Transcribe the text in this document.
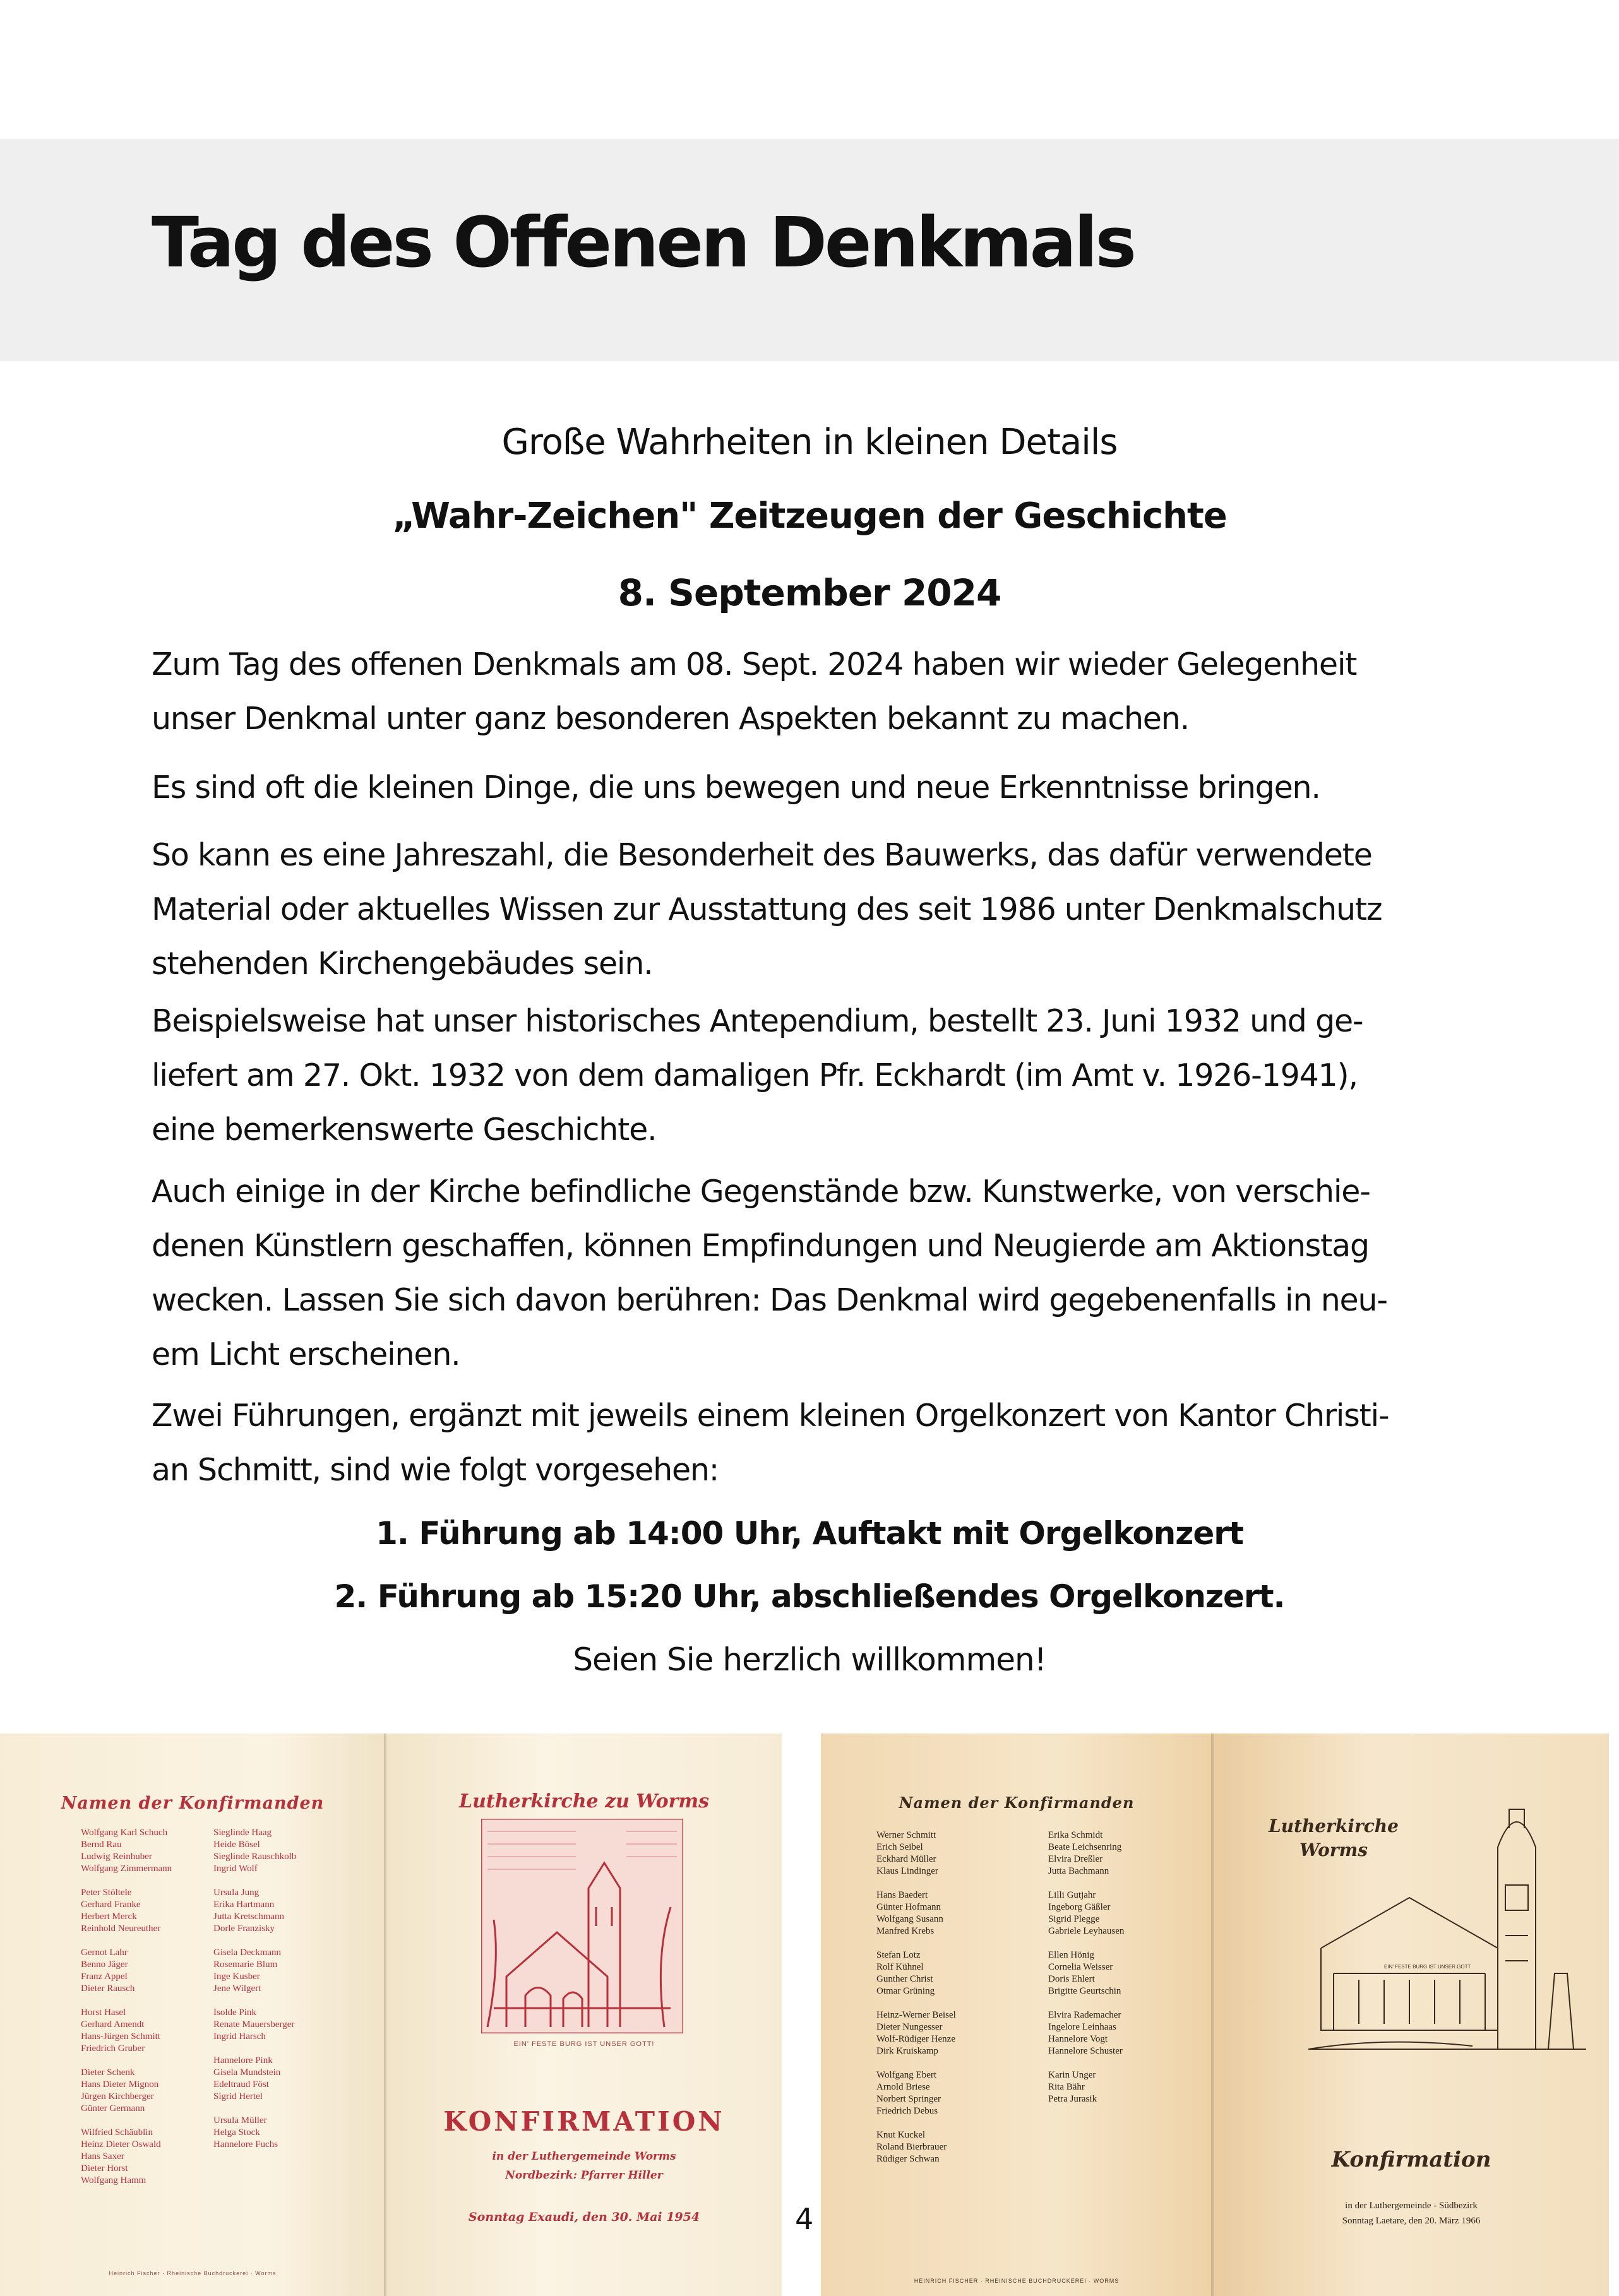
Tag des Offenen Denkmals

Große Wahrheiten in kleinen Details

„Wahr-Zeichen" Zeitzeugen der Geschichte

8. September 2024

Zum Tag des offenen Denkmals am 08. Sept. 2024 haben wir wieder Gelegenheit
unser Denkmal unter ganz besonderen Aspekten bekannt zu machen.
Es sind oft die kleinen Dinge, die uns bewegen und neue Erkenntnisse bringen.
So kann es eine Jahreszahl, die Besonderheit des Bauwerks, das dafür verwendete
Material oder aktuelles Wissen zur Ausstattung des seit 1986 unter Denkmalschutz
stehenden Kirchengebäudes sein.
Beispielsweise hat unser historisches Antependium, bestellt 23. Juni 1932 und ge-
liefert am 27. Okt. 1932 von dem damaligen Pfr. Eckhardt (im Amt v. 1926-1941),
eine bemerkenswerte Geschichte.
Auch einige in der Kirche befindliche Gegenstände bzw. Kunstwerke, von verschie-
denen Künstlern geschaffen, können Empfindungen und Neugierde am Aktionstag
wecken. Lassen Sie sich davon berühren: Das Denkmal wird gegebenenfalls in neu-
em Licht erscheinen.
Zwei Führungen, ergänzt mit jeweils einem kleinen Orgelkonzert von Kantor Christi-
an Schmitt, sind wie folgt vorgesehen:

1. Führung ab 14:00 Uhr, Auftakt mit Orgelkonzert

2. Führung ab 15:20 Uhr, abschließendes Orgelkonzert.

Seien Sie herzlich willkommen!

Namen der Konfirmanden

Wolfgang Karl Schuch
Bernd Rau
Ludwig Reinhuber
Wolfgang Zimmermann
Peter Stöltele
Gerhard Franke
Herbert Merck
Reinhold Neureuther
Gernot Lahr
Benno Jäger
Franz Appel
Dieter Rausch
Horst Hasel
Gerhard Amendt
Hans-Jürgen Schmitt
Friedrich Gruber
Dieter Schenk
Hans Dieter Mignon
Jürgen Kirchberger
Günter Germann
Wilfried Schäublin
Heinz Dieter Oswald
Hans Saxer
Dieter Horst
Wolfgang Hamm
Sieglinde Haag
Heide Bösel
Sieglinde Rauschkolb
Ingrid Wolf
Ursula Jung
Erika Hartmann
Jutta Kretschmann
Dorle Franzisky
Gisela Deckmann
Rosemarie Blum
Inge Kusber
Jene Wilgert
Isolde Pink
Renate Mauersberger
Ingrid Harsch
Hannelore Pink
Gisela Mundstein
Edeltraud Föst
Sigrid Hertel
Ursula Müller
Helga Stock
Hannelore Fuchs

Heinrich Fischer · Rheinische Buchdruckerei · Worms

Lutherkirche zu Worms

EIN' FESTE BURG IST UNSER GOTT!

KONFIRMATION

in der Luthergemeinde Worms

Nordbezirk: Pfarrer Hiller

Sonntag Exaudi, den 30. Mai 1954

Namen der Konfirmanden

Werner Schmitt
Erich Seibel
Eckhard Müller
Klaus Lindinger
Hans Baedert
Günter Hofmann
Wolfgang Susann
Manfred Krebs
Stefan Lotz
Rolf Kühnel
Gunther Christ
Otmar Grüning
Heinz-Werner Beisel
Dieter Nungesser
Wolf-Rüdiger Henze
Dirk Kruiskamp
Wolfgang Ebert
Arnold Briese
Norbert Springer
Friedrich Debus
Knut Kuckel
Roland Bierbrauer
Rüdiger Schwan
Erika Schmidt
Beate Leichsenring
Elvira Dreßler
Jutta Bachmann
Lilli Gutjahr
Ingeborg Gäßler
Sigrid Plegge
Gabriele Leyhausen
Ellen Hönig
Cornelia Weisser
Doris Ehlert
Brigitte Geurtschin
Elvira Rademacher
Ingelore Leinhaas
Hannelore Vogt
Hannelore Schuster
Karin Unger
Rita Bähr
Petra Jurasik

HEINRICH FISCHER · RHEINISCHE BUCHDRUCKEREI · WORMS

Lutherkirche

Worms

EIN' FESTE BURG IST UNSER GOTT

Konfirmation

in der Luthergemeinde - Südbezirk

Sonntag Laetare, den 20. März 1966

4
